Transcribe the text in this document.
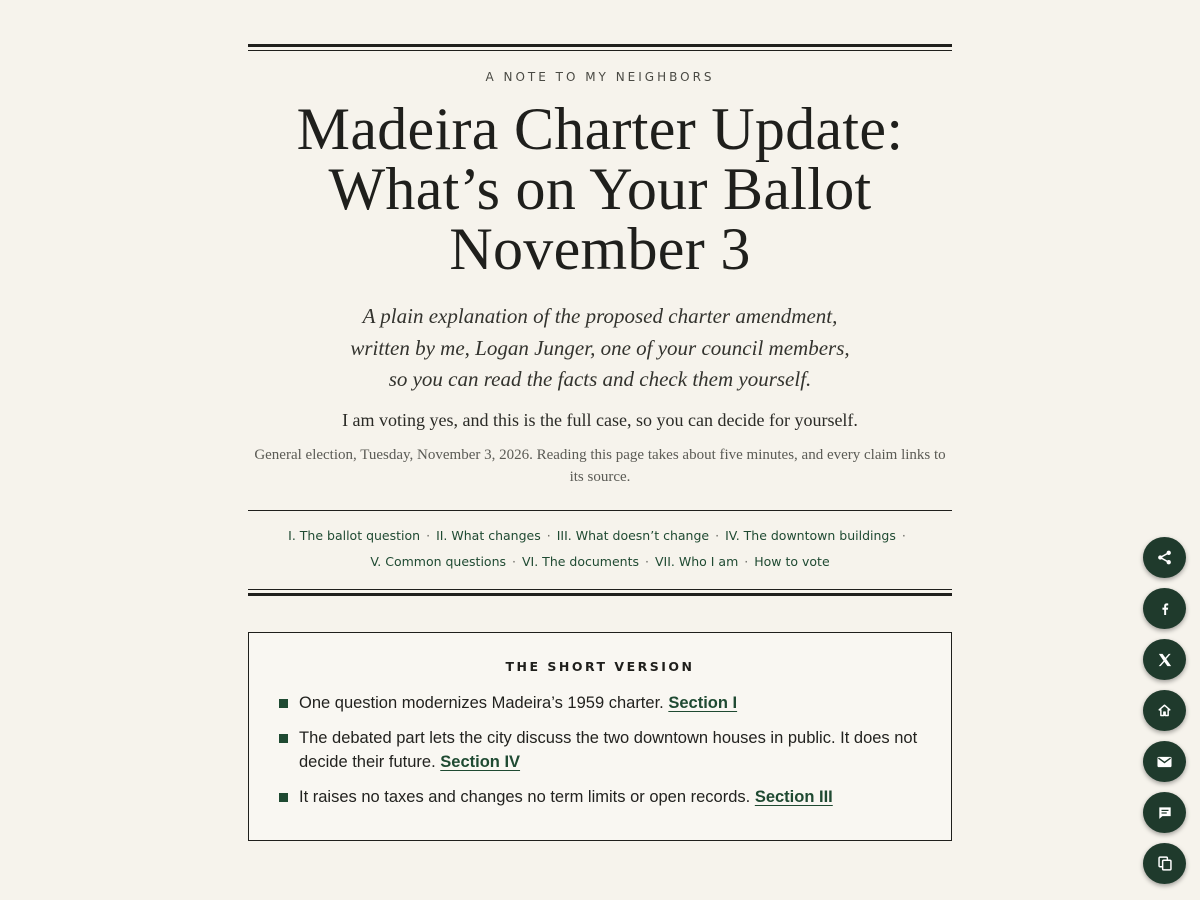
A NOTE TO MY NEIGHBORS
Madeira Charter Update:
What’s on Your Ballot
November 3
A plain explanation of the proposed charter amendment,
written by me, Logan Junger, one of your council members,
so you can read the facts and check them yourself.
I am voting yes, and this is the full case, so you can decide for yourself.
General election, Tuesday, November 3, 2026. Reading this page takes about five minutes, and every claim links to its source.
I. The ballot question · II. What changes · III. What doesn’t change · IV. The downtown buildings ·
V. Common questions · VI. The documents · VII. Who I am · How to vote
THE SHORT VERSION
One question modernizes Madeira’s 1959 charter. Section I
The debated part lets the city discuss the two downtown houses in public. It does not decide their future. Section IV
It raises no taxes and changes no term limits or open records. Section III
